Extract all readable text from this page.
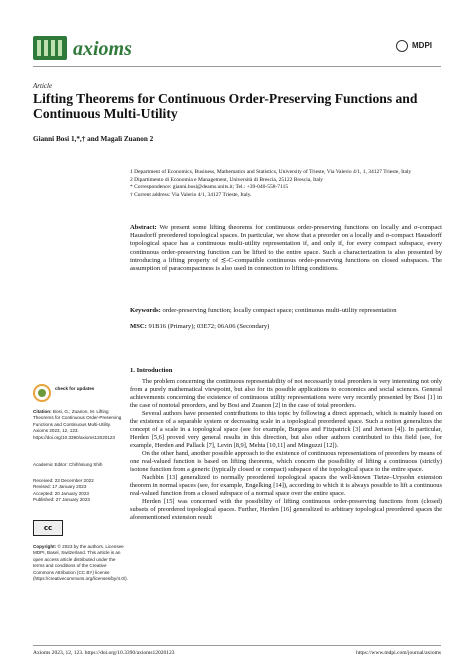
axioms	MDPI
Article
Lifting Theorems for Continuous Order-Preserving Functions and Continuous Multi-Utility
Gianni Bosi 1,*,† and Magalì Zuanon 2
1 Department of Economics, Business, Mathematics and Statistics, University of Trieste, Via Valerio 4/1, 1, 34127 Trieste, Italy
2 Dipartimento di Economia e Management, Università di Brescia, 25122 Brescia, Italy
* Correspondence: gianni.bosi@deams.units.it; Tel.: +39-040-558-7115
† Current address: Via Valerio 4/1, 34127 Trieste, Italy.
Abstract: We present some lifting theorems for continuous order-preserving functions on locally and σ-compact Hausdorff preordered topological spaces. In particular, we show that a preorder on a locally and σ-compact Hausdorff topological space has a continuous multi-utility representation if, and only if, for every compact subspace, every continuous order-preserving function can be lifted to the entire space. Such a characterization is also presented by introducing a lifting property of ≾-C-compatible continuous order-preserving functions on closed subspaces. The assumption of paracompactness is also used in connection to lifting conditions.
Keywords: order-preserving function; locally compact space; continuous multi-utility representation
MSC: 91B16 (Primary); 03E72; 06A06 (Secondary)
1. Introduction

The problem concerning the continuous representability of not necessarily total preorders is very interesting not only from a purely mathematical viewpoint, but also for its possible applications to economics and social sciences. General achievements concerning the existence of continuous utility representations were very recently presented by Bosi [1] in the case of nontotal preorders, and by Bosi and Zuanon [2] in the case of total preorders.

Several authors have presented contributions to this topic by following a direct approach, which is mainly based on the existence of a separable system or decreasing scale in a topological preordered space. Such a notion generalizes the concept of a scale in a topological space (see for example, Burgess and Fitzpatrick [3] and Jerison [4]). In particular, Herden [5,6] proved very general results in this direction, but also other authors contributed to this field (see, for example, Herden and Pallack [7], Levin [8,9], Mehta [10,11] and Minguzzi [12]).

On the other hand, another possible approach to the existence of continuous representations of preorders by means of one real-valued function is based on lifting theorems, which concern the possibility of lifting a continuous (strictly) isotone function from a generic (typically closed or compact) subspace of the topological space to the entire space.

Nachbin [13] generalized to normally preordered topological spaces the well-known Tietze–Urysohn extension theorem in normal spaces (see, for example, Engelking [14]), according to which it is always possible to lift a continuous real-valued function from a closed subspace of a normal space over the entire space.

Herden [15] was concerned with the possibility of lifting continuous order-preserving functions from (closed) subsets of preordered topological spaces. Further, Herden [16] generalized to arbitrary topological preordered spaces the aforementioned extension result

check for updates
Citation: Bosi, G.; Zuanon, M. Lifting Theorems for Continuous Order-Preserving Functions and Continuous Multi-Utility. Axioms 2023, 12, 123. https://doi.org/10.3390/axioms12020123
Academic Editor: Chihhsiung Shih
Received: 23 December 2022
Revised: 17 January 2023
Accepted: 20 January 2023
Published: 27 January 2023
cc
Copyright: © 2023 by the authors. Licensee MDPI, Basel, Switzerland. This article is an open access article distributed under the terms and conditions of the Creative Commons Attribution (CC BY) license (https://creativecommons.org/licenses/by/4.0/).
Axioms 2023, 12, 123. https://doi.org/10.3390/axioms12020123	https://www.mdpi.com/journal/axioms
